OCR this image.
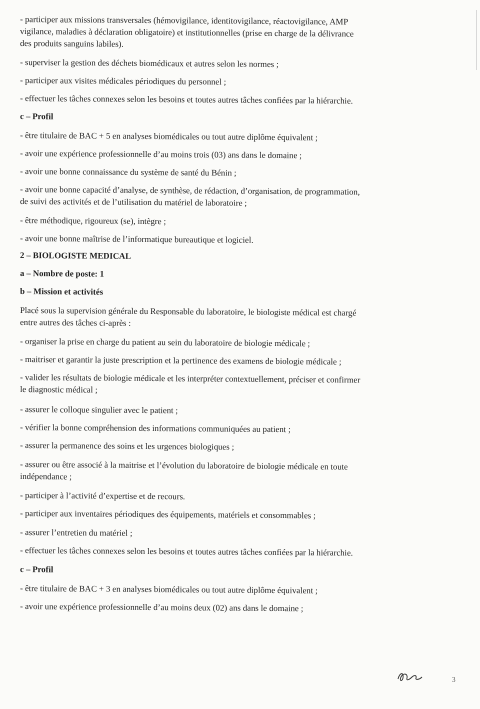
- participer aux missions transversales (hémovigilance, identitovigilance, réactovigilance, AMP
vigilance, maladies à déclaration obligatoire) et institutionnelles (prise en charge de la délivrance
des produits sanguins labiles).
- superviser la gestion des déchets biomédicaux et autres selon les normes ;
- participer aux visites médicales périodiques du personnel ;
- effectuer les tâches connexes selon les besoins et toutes autres tâches confiées par la hiérarchie.
c – Profil
- être titulaire de BAC + 5 en analyses biomédicales ou tout autre diplôme équivalent ;
- avoir une expérience professionnelle d’au moins trois (03) ans dans le domaine ;
- avoir une bonne connaissance du système de santé du Bénin ;
- avoir une bonne capacité d’analyse, de synthèse, de rédaction, d’organisation, de programmation,
de suivi des activités et de l’utilisation du matériel de laboratoire ;
- être méthodique, rigoureux (se), intègre ;
- avoir une bonne maîtrise de l’informatique bureautique et logiciel.
2 – BIOLOGISTE MEDICAL
a – Nombre de poste: 1
b – Mission et activités
Placé sous la supervision générale du Responsable du laboratoire, le biologiste médical est chargé
entre autres des tâches ci-après :
- organiser la prise en charge du patient au sein du laboratoire de biologie médicale ;
- maitriser et garantir la juste prescription et la pertinence des examens de biologie médicale ;
- valider les résultats de biologie médicale et les interpréter contextuellement, préciser et confirmer
le diagnostic médical ;
- assurer le colloque singulier avec le patient ;
- vérifier la bonne compréhension des informations communiquées au patient ;
- assurer la permanence des soins et les urgences biologiques ;
- assurer ou être associé à la maitrise et l’évolution du laboratoire de biologie médicale en toute
indépendance ;
- participer à l’activité d’expertise et de recours.
- participer aux inventaires périodiques des équipements, matériels et consommables ;
- assurer l’entretien du matériel ;
- effectuer les tâches connexes selon les besoins et toutes autres tâches confiées par la hiérarchie.
c – Profil
- être titulaire de BAC + 3 en analyses biomédicales ou tout autre diplôme équivalent ;
- avoir une expérience professionnelle d’au moins deux (02) ans dans le domaine ;
3
